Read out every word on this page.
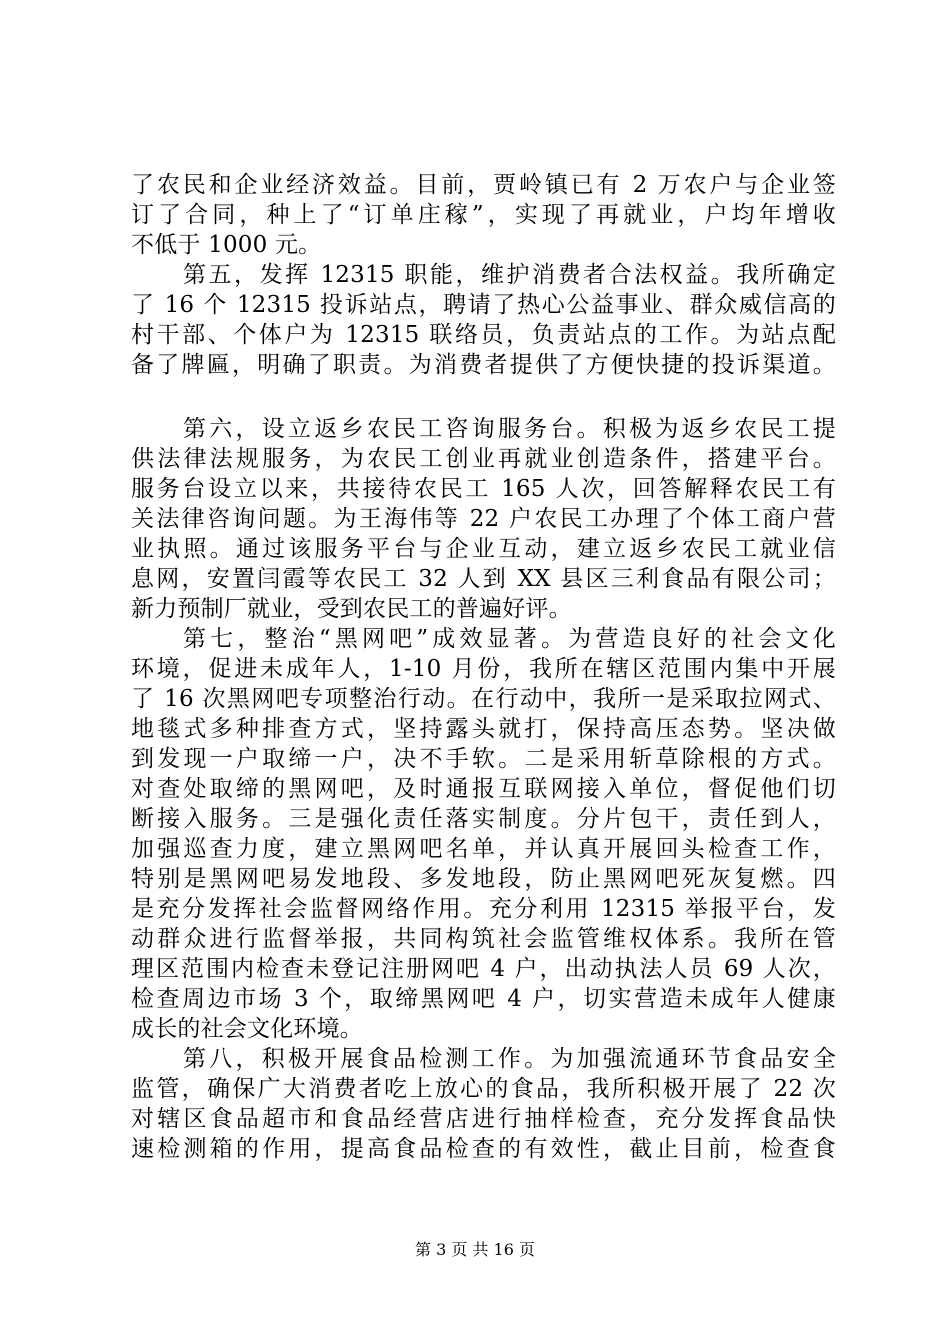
了农民和企业经济效益。目前，贾岭镇已有 2 万农户与企业签
订了合同，种上了“订单庄稼”，实现了再就业，户均年增收
不低于 1000 元。
第五，发挥 12315 职能，维护消费者合法权益。我所确定
了 16 个 12315 投诉站点，聘请了热心公益事业、群众威信高的
村干部、个体户为 12315 联络员，负责站点的工作。为站点配
备了牌匾，明确了职责。为消费者提供了方便快捷的投诉渠道。
第六，设立返乡农民工咨询服务台。积极为返乡农民工提
供法律法规服务，为农民工创业再就业创造条件，搭建平台。
服务台设立以来，共接待农民工 165 人次，回答解释农民工有
关法律咨询问题。为王海伟等 22 户农民工办理了个体工商户营
业执照。通过该服务平台与企业互动，建立返乡农民工就业信
息网，安置闫霞等农民工 32 人到 XX 县区三利食品有限公司；
新力预制厂就业，受到农民工的普遍好评。
第七，整治“黑网吧”成效显著。为营造良好的社会文化
环境，促进未成年人，1-10 月份，我所在辖区范围内集中开展
了 16 次黑网吧专项整治行动。在行动中，我所一是采取拉网式、
地毯式多种排查方式，坚持露头就打，保持高压态势。坚决做
到发现一户取缔一户，决不手软。二是采用斩草除根的方式。
对查处取缔的黑网吧，及时通报互联网接入单位，督促他们切
断接入服务。三是强化责任落实制度。分片包干，责任到人，
加强巡查力度，建立黑网吧名单，并认真开展回头检查工作，
特别是黑网吧易发地段、多发地段，防止黑网吧死灰复燃。四
是充分发挥社会监督网络作用。充分利用 12315 举报平台，发
动群众进行监督举报，共同构筑社会监管维权体系。我所在管
理区范围内检查未登记注册网吧 4 户，出动执法人员 69 人次，
检查周边市场 3 个，取缔黑网吧 4 户，切实营造未成年人健康
成长的社会文化环境。
第八，积极开展食品检测工作。为加强流通环节食品安全
监管，确保广大消费者吃上放心的食品，我所积极开展了 22 次
对辖区食品超市和食品经营店进行抽样检查，充分发挥食品快
速检测箱的作用，提高食品检查的有效性，截止目前，检查食
第 3 页 共 16 页
